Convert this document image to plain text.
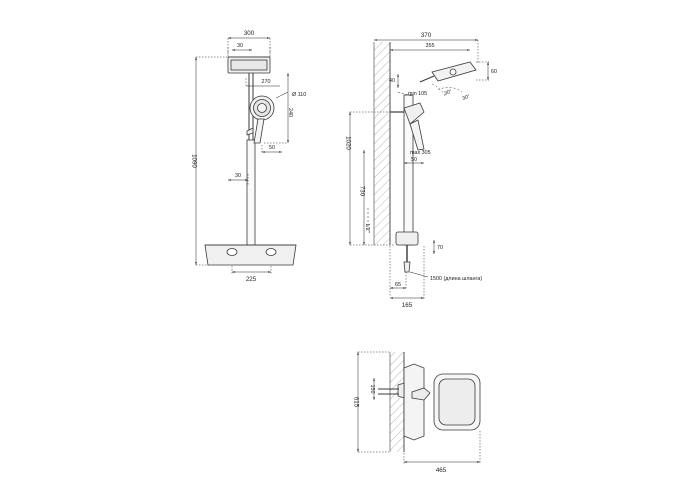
300
30
270
Ø 110
240
50
30
1090
225
370
355
60
40
30°
30°
min 105
max 305
50
1020
730
1/2"
70
1500 (длина шланга)
65
165
615
150
465
